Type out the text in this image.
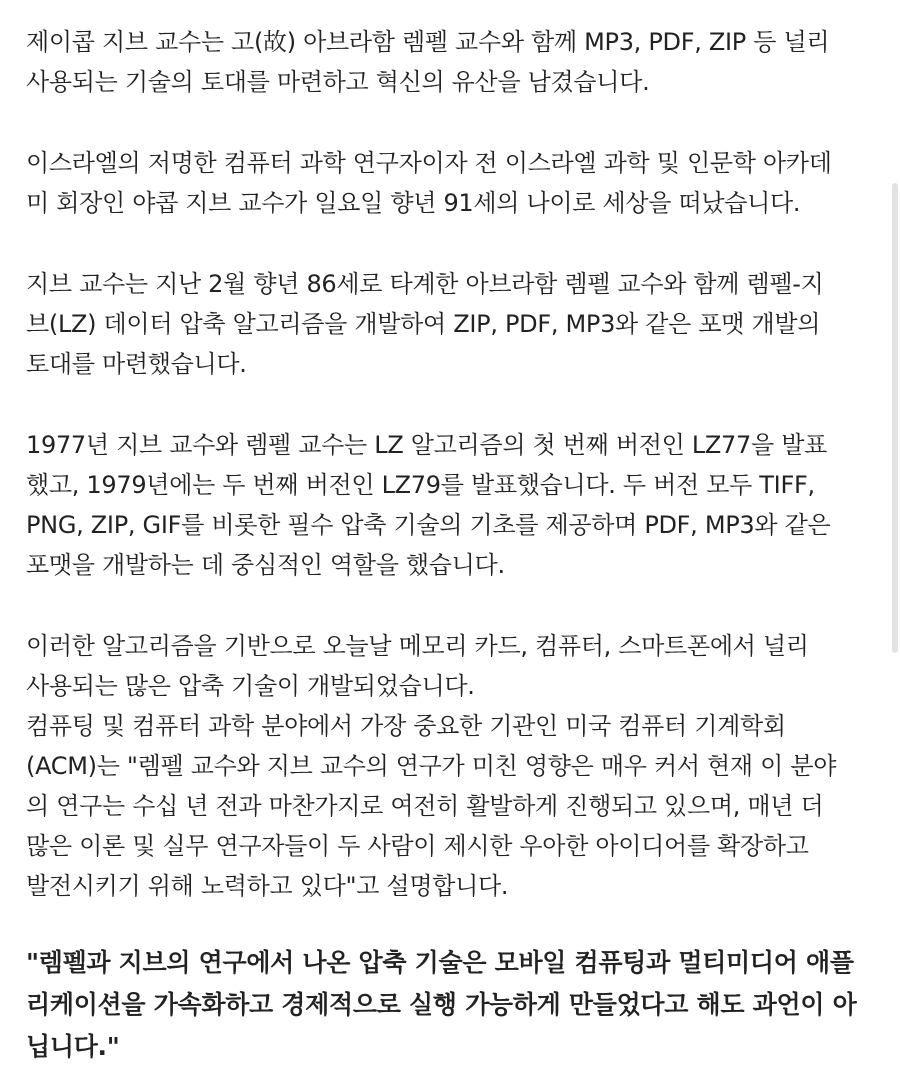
제이콥 지브 교수는 고(故) 아브라함 렘펠 교수와 함께 MP3, PDF, ZIP 등 널리
사용되는 기술의 토대를 마련하고 혁신의 유산을 남겼습니다.

이스라엘의 저명한 컴퓨터 과학 연구자이자 전 이스라엘 과학 및 인문학 아카데
미 회장인 야콥 지브 교수가 일요일 향년 91세의 나이로 세상을 떠났습니다.

지브 교수는 지난 2월 향년 86세로 타계한 아브라함 렘펠 교수와 함께 렘펠-지
브(LZ) 데이터 압축 알고리즘을 개발하여 ZIP, PDF, MP3와 같은 포맷 개발의
토대를 마련했습니다.

1977년 지브 교수와 렘펠 교수는 LZ 알고리즘의 첫 번째 버전인 LZ77을 발표
했고, 1979년에는 두 번째 버전인 LZ79를 발표했습니다. 두 버전 모두 TIFF,
PNG, ZIP, GIF를 비롯한 필수 압축 기술의 기초를 제공하며 PDF, MP3와 같은
포맷을 개발하는 데 중심적인 역할을 했습니다.

이러한 알고리즘을 기반으로 오늘날 메모리 카드, 컴퓨터, 스마트폰에서 널리
사용되는 많은 압축 기술이 개발되었습니다.
컴퓨팅 및 컴퓨터 과학 분야에서 가장 중요한 기관인 미국 컴퓨터 기계학회
(ACM)는 "렘펠 교수와 지브 교수의 연구가 미친 영향은 매우 커서 현재 이 분야
의 연구는 수십 년 전과 마찬가지로 여전히 활발하게 진행되고 있으며, 매년 더
많은 이론 및 실무 연구자들이 두 사람이 제시한 우아한 아이디어를 확장하고
발전시키기 위해 노력하고 있다"고 설명합니다.

"렘펠과 지브의 연구에서 나온 압축 기술은 모바일 컴퓨팅과 멀티미디어 애플
리케이션을 가속화하고 경제적으로 실행 가능하게 만들었다고 해도 과언이 아
닙니다."
